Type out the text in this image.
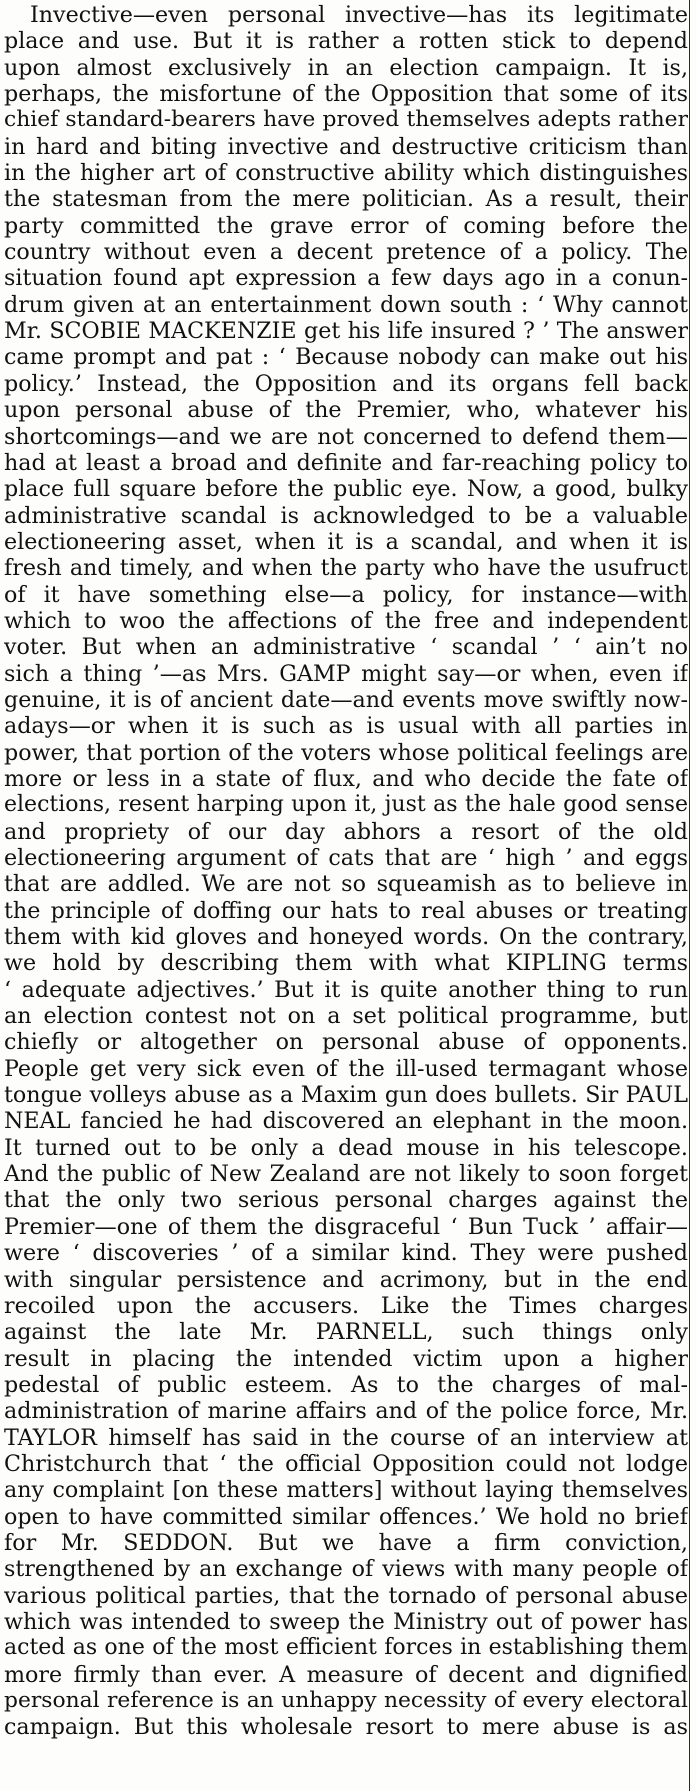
Invective—even personal invective—has its legitimate
place and use. But it is rather a rotten stick to depend
upon almost exclusively in an election campaign. It is,
perhaps, the misfortune of the Opposition that some of its
chief standard-bearers have proved themselves adepts rather
in hard and biting invective and destructive criticism than
in the higher art of constructive ability which distinguishes
the statesman from the mere politician. As a result, their
party committed the grave error of coming before the
country without even a decent pretence of a policy. The
situation found apt expression a few days ago in a conun-
drum given at an entertainment down south : ‘ Why cannot
Mr. SCOBIE MACKENZIE get his life insured ? ’ The answer
came prompt and pat : ‘ Because nobody can make out his
policy.’ Instead, the Opposition and its organs fell back
upon personal abuse of the Premier, who, whatever his
shortcomings—and we are not concerned to defend them—
had at least a broad and definite and far-reaching policy to
place full square before the public eye. Now, a good, bulky
administrative scandal is acknowledged to be a valuable
electioneering asset, when it is a scandal, and when it is
fresh and timely, and when the party who have the usufruct
of it have something else—a policy, for instance—with
which to woo the affections of the free and independent
voter. But when an administrative ‘ scandal ’ ‘ ain’t no
sich a thing ’—as Mrs. GAMP might say—or when, even if
genuine, it is of ancient date—and events move swiftly now-
adays—or when it is such as is usual with all parties in
power, that portion of the voters whose political feelings are
more or less in a state of flux, and who decide the fate of
elections, resent harping upon it, just as the hale good sense
and propriety of our day abhors a resort of the old
electioneering argument of cats that are ‘ high ’ and eggs
that are addled. We are not so squeamish as to believe in
the principle of doffing our hats to real abuses or treating
them with kid gloves and honeyed words. On the contrary,
we hold by describing them with what KIPLING terms
‘ adequate adjectives.’ But it is quite another thing to run
an election contest not on a set political programme, but
chiefly or altogether on personal abuse of opponents.
People get very sick even of the ill-used termagant whose
tongue volleys abuse as a Maxim gun does bullets. Sir PAUL
NEAL fancied he had discovered an elephant in the moon.
It turned out to be only a dead mouse in his telescope.
And the public of New Zealand are not likely to soon forget
that the only two serious personal charges against the
Premier—one of them the disgraceful ‘ Bun Tuck ’ affair—
were ‘ discoveries ’ of a similar kind. They were pushed
with singular persistence and acrimony, but in the end
recoiled upon the accusers. Like the Times charges
against the late Mr. PARNELL, such things only
result in placing the intended victim upon a higher
pedestal of public esteem. As to the charges of mal-
administration of marine affairs and of the police force, Mr.
TAYLOR himself has said in the course of an interview at
Christchurch that ‘ the official Opposition could not lodge
any complaint [on these matters] without laying themselves
open to have committed similar offences.’ We hold no brief
for Mr. SEDDON. But we have a firm conviction,
strengthened by an exchange of views with many people of
various political parties, that the tornado of personal abuse
which was intended to sweep the Ministry out of power has
acted as one of the most efficient forces in establishing them
more firmly than ever. A measure of decent and dignified
personal reference is an unhappy necessity of every electoral
campaign. But this wholesale resort to mere abuse is as
